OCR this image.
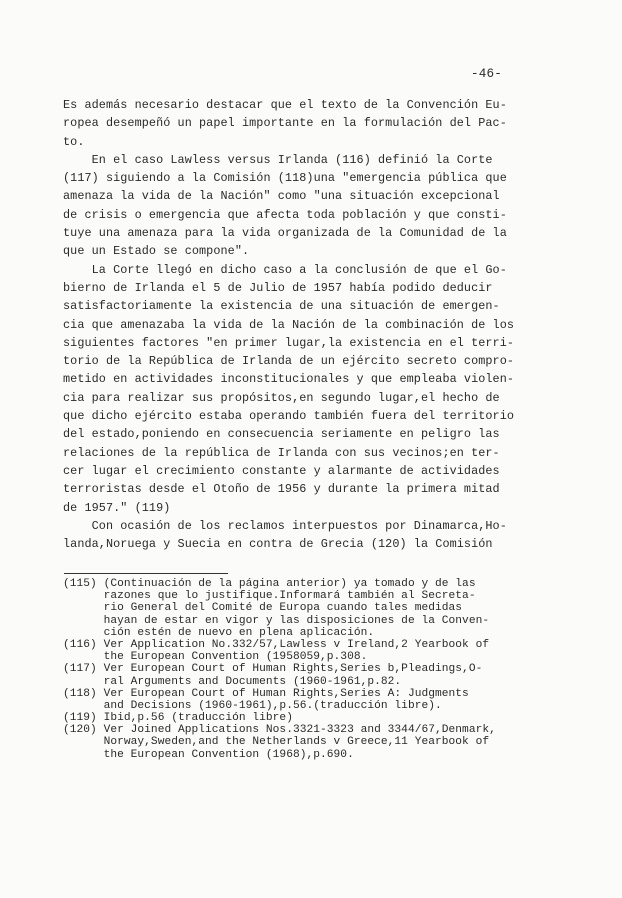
-46-
Es además necesario destacar que el texto de la Convención Eu-
ropea desempeñó un papel importante en la formulación del Pac-
to.
En el caso Lawless versus Irlanda (116) definió la Corte
(117) siguiendo a la Comisión (118)una "emergencia pública que
amenaza la vida de la Nación" como "una situación excepcional
de crisis o emergencia que afecta toda población y que consti-
tuye una amenaza para la vida organizada de la Comunidad de la
que un Estado se compone".
La Corte llegó en dicho caso a la conclusión de que el Go-
bierno de Irlanda el 5 de Julio de 1957 había podido deducir
satisfactoriamente la existencia de una situación de emergen-
cia que amenazaba la vida de la Nación de la combinación de los
siguientes factores "en primer lugar,la existencia en el terri-
torio de la República de Irlanda de un ejército secreto compro-
metido en actividades inconstitucionales y que empleaba violen-
cia para realizar sus propósitos,en segundo lugar,el hecho de
que dicho ejército estaba operando también fuera del territorio
del estado,poniendo en consecuencia seriamente en peligro las
relaciones de la república de Irlanda con sus vecinos;en ter-
cer lugar el crecimiento constante y alarmante de actividades
terroristas desde el Otoño de 1956 y durante la primera mitad
de 1957." (119)
Con ocasión de los reclamos interpuestos por Dinamarca,Ho-
landa,Noruega y Suecia en contra de Grecia (120) la Comisión
(115) (Continuación de la página anterior) ya tomado y de las
razones que lo justifique.Informará también al Secreta-
rio General del Comité de Europa cuando tales medidas
hayan de estar en vigor y las disposiciones de la Conven-
ción estén de nuevo en plena aplicación.
(116) Ver Application No.332/57,Lawless v Ireland,2 Yearbook of
the European Convention (1958059,p.308.
(117) Ver European Court of Human Rights,Series b,Pleadings,O-
ral Arguments and Documents (1960-1961,p.82.
(118) Ver European Court of Human Rights,Series A: Judgments
and Decisions (1960-1961),p.56.(traducción libre).
(119) Ibid,p.56 (traducción libre)
(120) Ver Joined Applications Nos.3321-3323 and 3344/67,Denmark,
Norway,Sweden,and the Netherlands v Greece,11 Yearbook of
the European Convention (1968),p.690.
